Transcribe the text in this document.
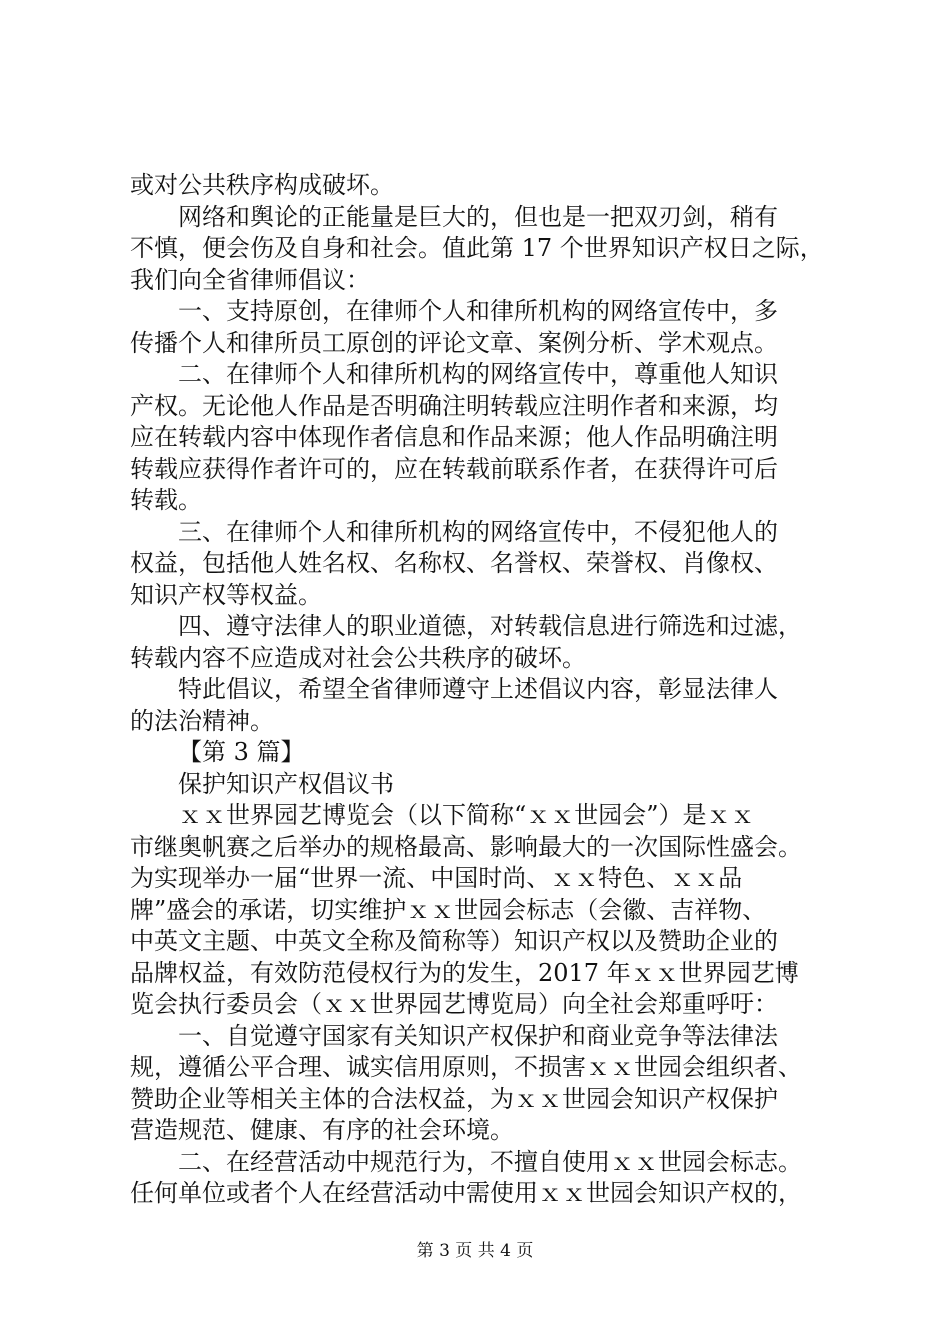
或对公共秩序构成破坏。
网络和舆论的正能量是巨大的，但也是一把双刃剑，稍有
不慎，便会伤及自身和社会。值此第 17 个世界知识产权日之际，
我们向全省律师倡议：
一、支持原创，在律师个人和律所机构的网络宣传中，多
传播个人和律所员工原创的评论文章、案例分析、学术观点。
二、在律师个人和律所机构的网络宣传中，尊重他人知识
产权。无论他人作品是否明确注明转载应注明作者和来源，均
应在转载内容中体现作者信息和作品来源；他人作品明确注明
转载应获得作者许可的，应在转载前联系作者，在获得许可后
转载。
三、在律师个人和律所机构的网络宣传中，不侵犯他人的
权益，包括他人姓名权、名称权、名誉权、荣誉权、肖像权、
知识产权等权益。
四、遵守法律人的职业道德，对转载信息进行筛选和过滤，
转载内容不应造成对社会公共秩序的破坏。
特此倡议，希望全省律师遵守上述倡议内容，彰显法律人
的法治精神。
【第 3 篇】
保护知识产权倡议书
ｘｘ世界园艺博览会（以下简称“ｘｘ世园会”）是ｘｘ
市继奥帆赛之后举办的规格最高、影响最大的一次国际性盛会。
为实现举办一届“世界一流、中国时尚、ｘｘ特色、ｘｘ品
牌”盛会的承诺，切实维护ｘｘ世园会标志（会徽、吉祥物、
中英文主题、中英文全称及简称等）知识产权以及赞助企业的
品牌权益，有效防范侵权行为的发生，2017 年ｘｘ世界园艺博
览会执行委员会（ｘｘ世界园艺博览局）向全社会郑重呼吁：
一、自觉遵守国家有关知识产权保护和商业竞争等法律法
规，遵循公平合理、诚实信用原则，不损害ｘｘ世园会组织者、
赞助企业等相关主体的合法权益，为ｘｘ世园会知识产权保护
营造规范、健康、有序的社会环境。
二、在经营活动中规范行为，不擅自使用ｘｘ世园会标志。
任何单位或者个人在经营活动中需使用ｘｘ世园会知识产权的，
第 3 页 共 4 页
